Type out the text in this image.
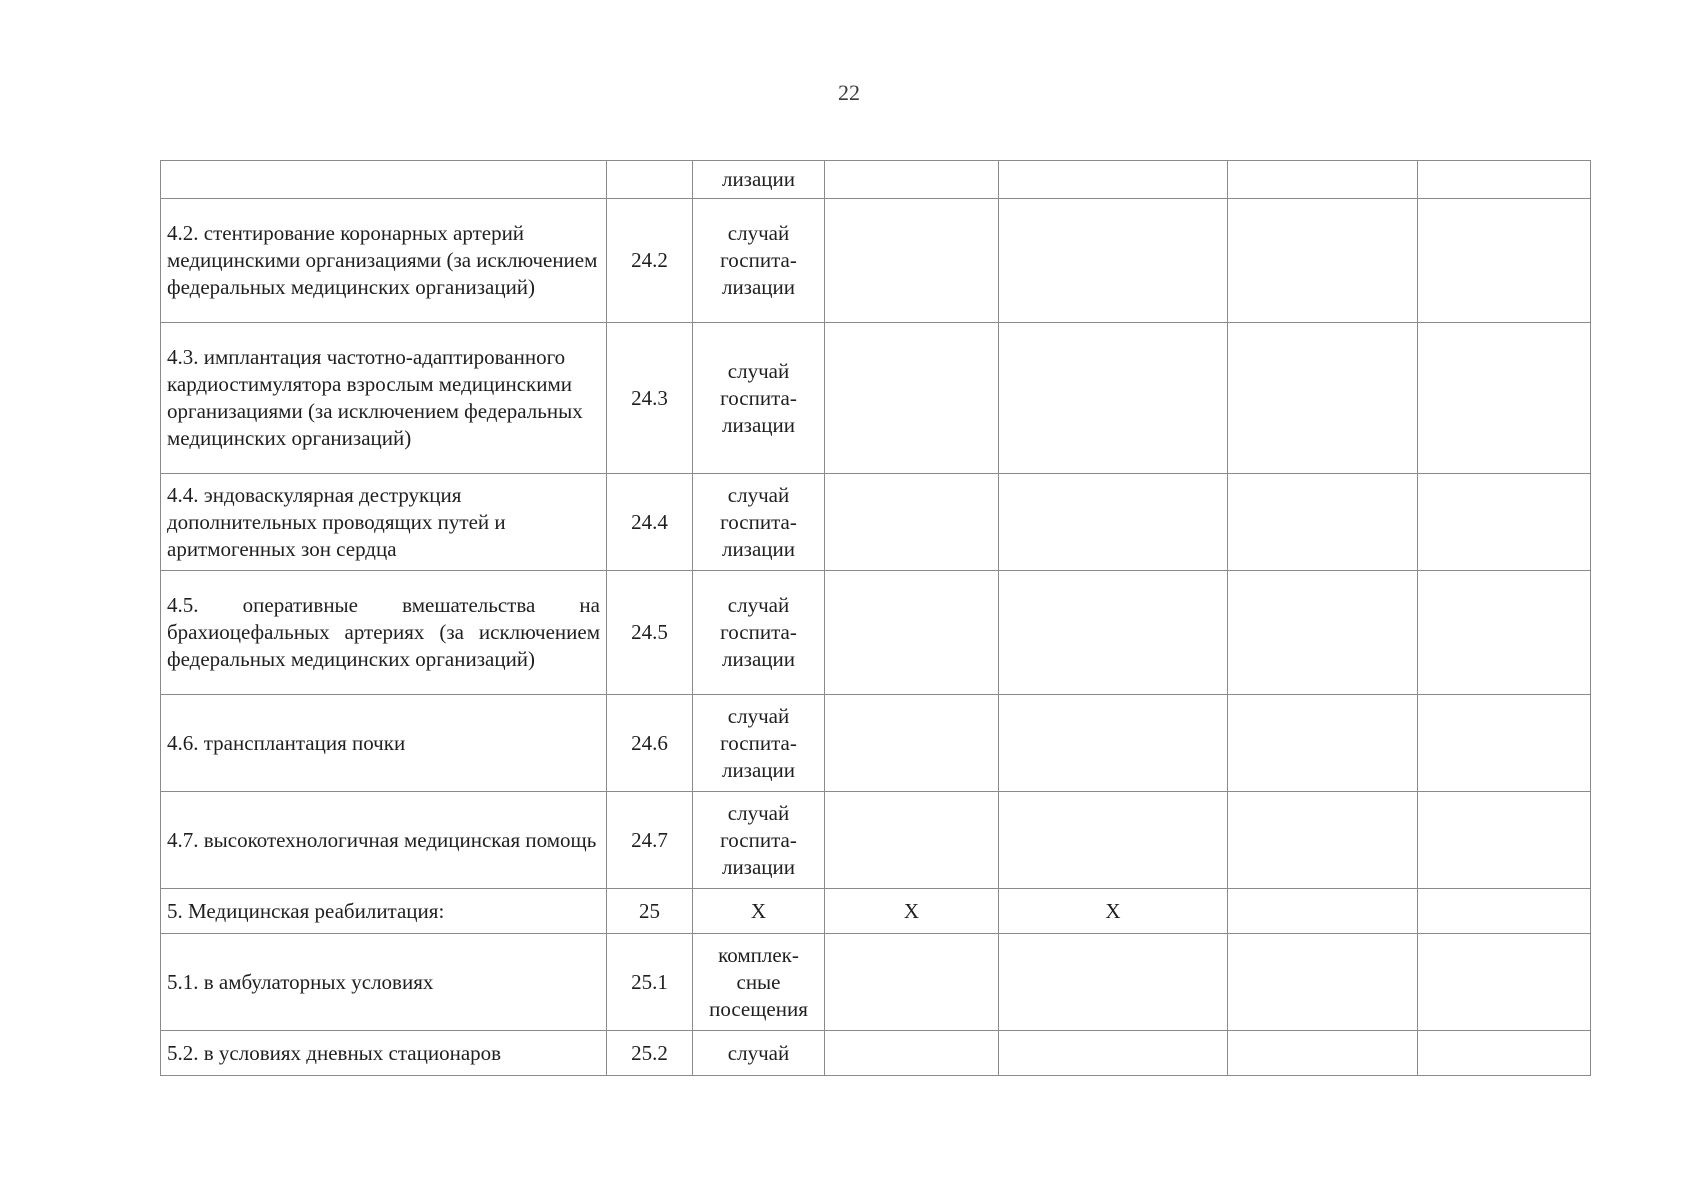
22

		лизации				

4.2. стентирование коронарных артерий медицинскими организациями (за исключением федеральных медицинских организаций)	24.2	случай
госпита-
лизации				

4.3. имплантация частотно-адаптированного кардиостимулятора взрослым медицинскими организациями (за исключением федеральных медицинских организаций)	24.3	случай
госпита-
лизации				

4.4. эндоваскулярная деструкция дополнительных проводящих путей и аритмогенных зон сердца	24.4	случай
госпита-
лизации				

4.5. оперативные вмешательства на брахиоцефальных артериях (за исключением федеральных медицинских организаций)	24.5	случай
госпита-
лизации				

4.6. трансплантация почки	24.6	случай
госпита-
лизации				

4.7. высокотехнологичная медицинская помощь	24.7	случай
госпита-
лизации				

5. Медицинская реабилитация:	25	X	X	X		
5.1. в амбулаторных условиях	25.1	комплек-
сные
посещения				

5.2. в условиях дневных стационаров	25.2	случай				
